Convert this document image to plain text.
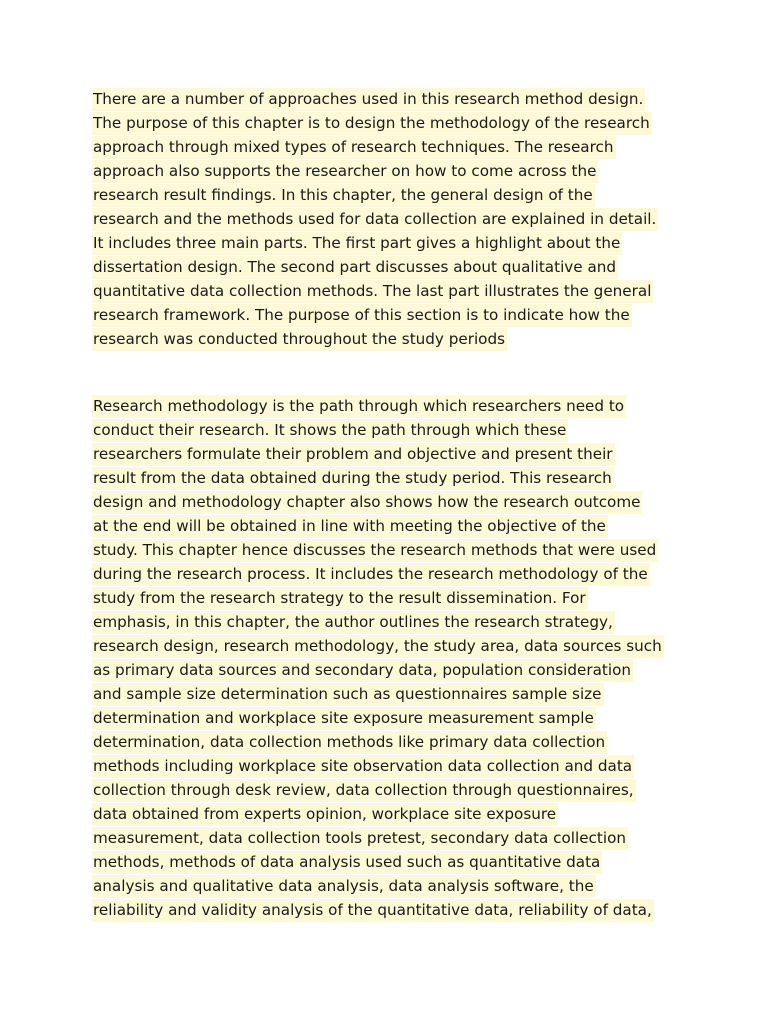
There are a number of approaches used in this research method design.
The purpose of this chapter is to design the methodology of the research
approach through mixed types of research techniques. The research
approach also supports the researcher on how to come across the
research result findings. In this chapter, the general design of the
research and the methods used for data collection are explained in detail.
It includes three main parts. The first part gives a highlight about the
dissertation design. The second part discusses about qualitative and
quantitative data collection methods. The last part illustrates the general
research framework. The purpose of this section is to indicate how the
research was conducted throughout the study periods
Research methodology is the path through which researchers need to
conduct their research. It shows the path through which these
researchers formulate their problem and objective and present their
result from the data obtained during the study period. This research
design and methodology chapter also shows how the research outcome
at the end will be obtained in line with meeting the objective of the
study. This chapter hence discusses the research methods that were used
during the research process. It includes the research methodology of the
study from the research strategy to the result dissemination. For
emphasis, in this chapter, the author outlines the research strategy,
research design, research methodology, the study area, data sources such
as primary data sources and secondary data, population consideration
and sample size determination such as questionnaires sample size
determination and workplace site exposure measurement sample
determination, data collection methods like primary data collection
methods including workplace site observation data collection and data
collection through desk review, data collection through questionnaires,
data obtained from experts opinion, workplace site exposure
measurement, data collection tools pretest, secondary data collection
methods, methods of data analysis used such as quantitative data
analysis and qualitative data analysis, data analysis software, the
reliability and validity analysis of the quantitative data, reliability of data,
